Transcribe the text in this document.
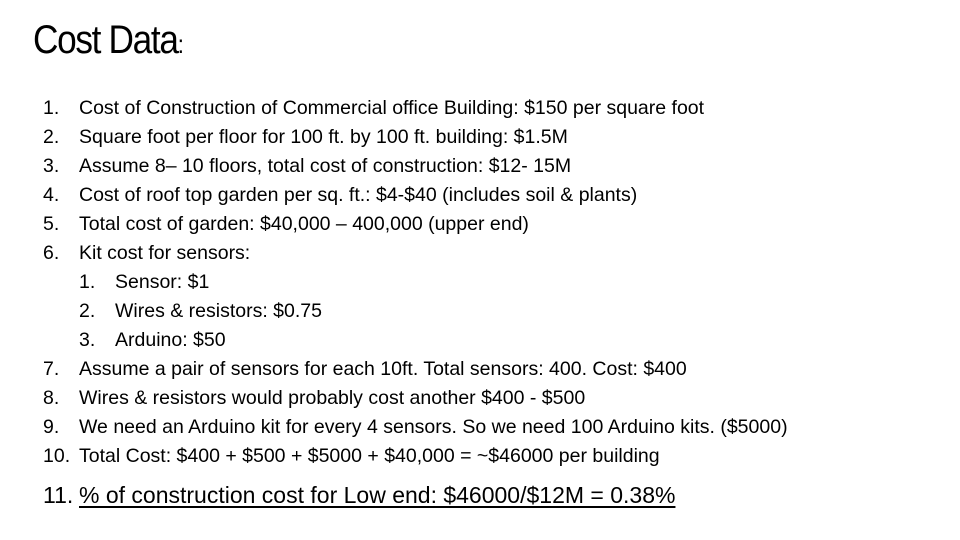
Cost Data:
1. Cost of Construction of Commercial office Building: $150 per square foot
2. Square foot per floor for 100 ft. by 100 ft. building: $1.5M
3. Assume 8– 10 floors, total cost of construction: $12- 15M
4. Cost of roof top garden per sq. ft.: $4-$40 (includes soil & plants)
5. Total cost of garden: $40,000 – 400,000 (upper end)
6. Kit cost for sensors:
1. Sensor: $1
2. Wires & resistors: $0.75
3. Arduino: $50
7. Assume a pair of sensors for each 10ft. Total sensors: 400. Cost: $400
8. Wires & resistors would probably cost another $400 - $500
9. We need an Arduino kit for every 4 sensors. So we need 100 Arduino kits. ($5000)
10. Total Cost: $400 + $500 + $5000 + $40,000 = ~$46000 per building
11. % of construction cost for Low end: $46000/$12M = 0.38%
